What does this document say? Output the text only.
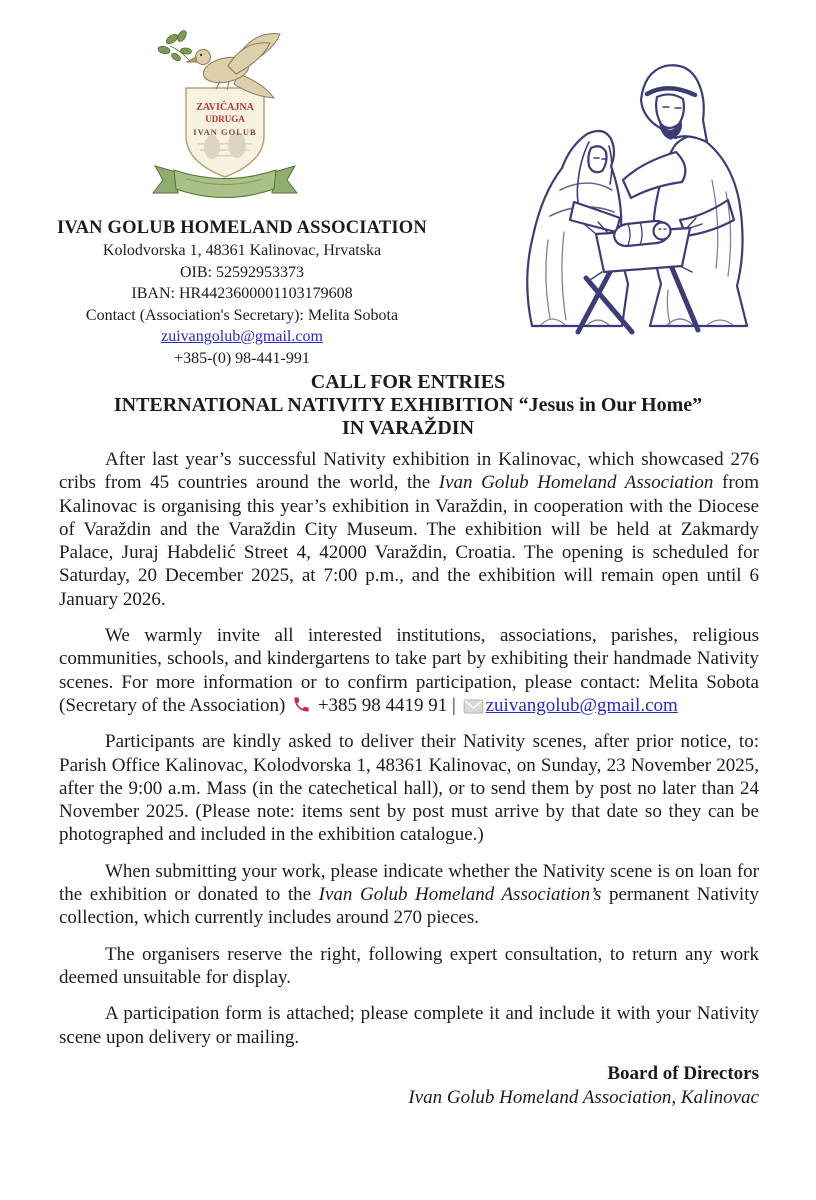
ZAVIČAJNA
UDRUGA
IVAN GOLUB
IVAN GOLUB HOMELAND ASSOCIATION
Kolodvorska 1, 48361 Kalinovac, Hrvatska
OIB: 52592953373
IBAN: HR4423600001103179608
Contact (Association's Secretary): Melita Sobota
zuivangolub@gmail.com
+385-(0) 98-441-991
CALL FOR ENTRIES
INTERNATIONAL NATIVITY EXHIBITION “Jesus in Our Home”
IN VARAŽDIN

After last year’s successful Nativity exhibition in Kalinovac, which showcased 276 cribs from 45 countries around the world, the Ivan Golub Homeland Association from Kalinovac is organising this year’s exhibition in Varaždin, in cooperation with the Diocese of Varaždin and the Varaždin City Museum. The exhibition will be held at Zakmardy Palace, Juraj Habdelić Street 4, 42000 Varaždin, Croatia. The opening is scheduled for Saturday, 20 December 2025, at 7:00 p.m., and the exhibition will remain open until 6 January 2026.

We warmly invite all interested institutions, associations, parishes, religious communities, schools, and kindergartens to take part by exhibiting their handmade Nativity scenes. For more information or to confirm participation, please contact: Melita Sobota (Secretary of the Association)  +385 98 4419 91 | zuivangolub@gmail.com

Participants are kindly asked to deliver their Nativity scenes, after prior notice, to: Parish Office Kalinovac, Kolodvorska 1, 48361 Kalinovac, on Sunday, 23 November 2025, after the 9:00 a.m. Mass (in the catechetical hall), or to send them by post no later than 24 November 2025. (Please note: items sent by post must arrive by that date so they can be photographed and included in the exhibition catalogue.)

When submitting your work, please indicate whether the Nativity scene is on loan for the exhibition or donated to the Ivan Golub Homeland Association’s permanent Nativity collection, which currently includes around 270 pieces.

The organisers reserve the right, following expert consultation, to return any work deemed unsuitable for display.

A participation form is attached; please complete it and include it with your Nativity scene upon delivery or mailing.

Board of Directors
Ivan Golub Homeland Association, Kalinovac
